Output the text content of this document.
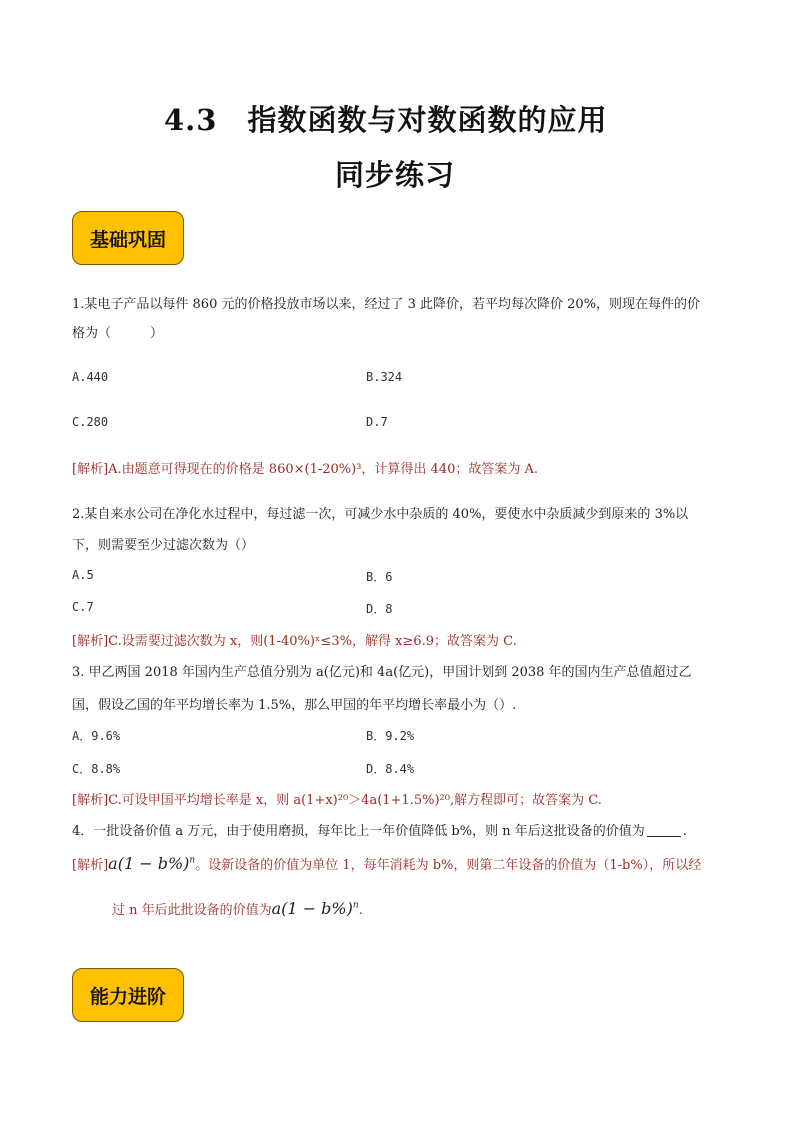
4.3　指数函数与对数函数的应用
同步练习
基础巩固
1.某电子产品以每件 860 元的价格投放市场以来，经过了 3 此降价，若平均每次降价 20%，则现在每件的价
格为（　　　）
A.440	B.324
C.280	D.7
[解析]A.由题意可得现在的价格是 860×(1-20%)³，计算得出 440；故答案为 A.
2.某自来水公司在净化水过程中，每过滤一次，可减少水中杂质的 40%，要使水中杂质减少到原来的 3%以
下，则需要至少过滤次数为（）
A.5	B．6
C.7	D．8
[解析]C.设需要过滤次数为 x，则(1-40%)ˣ≤3%，解得 x≥6.9；故答案为 C.
3. 甲乙两国 2018 年国内生产总值分别为 a(亿元)和 4a(亿元)，甲国计划到 2038 年的国内生产总值超过乙
国，假设乙国的年平均增长率为 1.5%，那么甲国的年平均增长率最小为（）.
A．9.6%	B．9.2%
C．8.8%	D．8.4%
[解析]C.可设甲国平均增长率是 x，则 a(1+x)²⁰＞4a(1+1.5%)²⁰,解方程即可；故答案为 C.
4．一批设备价值 a 万元，由于使用磨损，每年比上一年价值降低 b%，则 n 年后这批设备的价值为	.
[解析]$a(1 - b\%)^n$。设新设备的价值为单位 1，每年消耗为 b%，则第二年设备的价值为（1-b%），所以经
过 n 年后此批设备的价值为$a(1 - b\%)^n$.
能力进阶
